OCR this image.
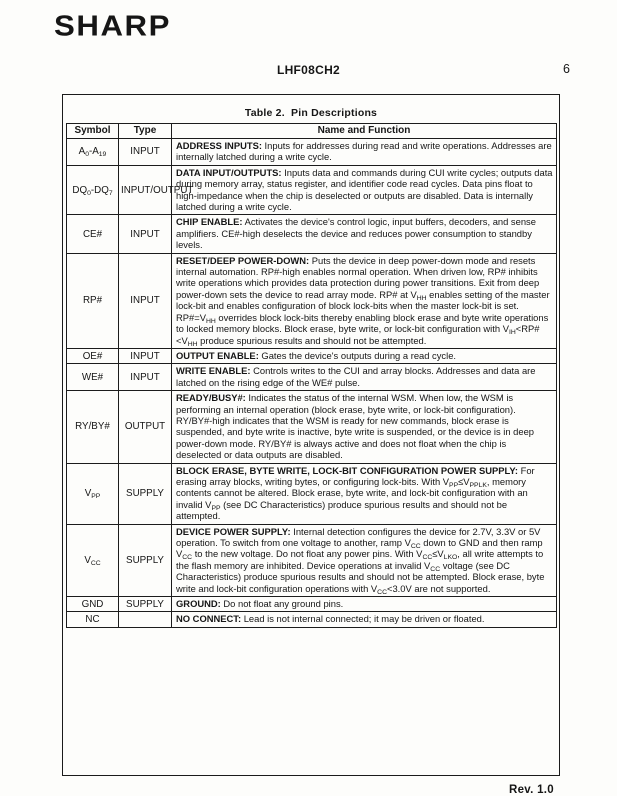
SHARP
LHF08CH2	6
Table 2.  Pin Descriptions
Symbol	Type	Name and Function
$A_0-A_{19}$	INPUT	ADDRESS INPUTS: Inputs for addresses during read and write operations. Addresses are internally latched during a write cycle.
$DQ_0-DQ_7$	INPUT/OUTPUT	DATA INPUT/OUTPUTS: Inputs data and commands during CUI write cycles; outputs data during memory array, status register, and identifier code read cycles. Data pins float to high-impedance when the chip is deselected or outputs are disabled. Data is internally latched during a write cycle.
CE#	INPUT	CHIP ENABLE: Activates the device's control logic, input buffers, decoders, and sense amplifiers. CE#-high deselects the device and reduces power consumption to standby levels.
RP#	INPUT	RESET/DEEP POWER-DOWN: Puts the device in deep power-down mode and resets internal automation. RP#-high enables normal operation. When driven low, RP# inhibits write operations which provides data protection during power transitions. Exit from deep power-down sets the device to read array mode. RP# at $V_{HH}$ enables setting of the master lock-bit and enables configuration of block lock-bits when the master lock-bit is set. $RP\#=V_{HH}$ overrides block lock-bits thereby enabling block erase and byte write operations to locked memory blocks. Block erase, byte write, or lock-bit configuration with $V_{IH}<RP\#<V_{HH}$ produce spurious results and should not be attempted.
OE#	INPUT	OUTPUT ENABLE: Gates the device's outputs during a read cycle.
WE#	INPUT	WRITE ENABLE: Controls writes to the CUI and array blocks. Addresses and data are latched on the rising edge of the WE# pulse.
RY/BY#	OUTPUT	READY/BUSY#: Indicates the status of the internal WSM. When low, the WSM is performing an internal operation (block erase, byte write, or lock-bit configuration). RY/BY#-high indicates that the WSM is ready for new commands, block erase is suspended, and byte write is inactive, byte write is suspended, or the device is in deep power-down mode. RY/BY# is always active and does not float when the chip is deselected or data outputs are disabled.
$V_{PP}$	SUPPLY	BLOCK ERASE, BYTE WRITE, LOCK-BIT CONFIGURATION POWER SUPPLY: For erasing array blocks, writing bytes, or configuring lock-bits. With $V_{PP}\le V_{PPLK}$, memory contents cannot be altered. Block erase, byte write, and lock-bit configuration with an invalid $V_{PP}$ (see DC Characteristics) produce spurious results and should not be attempted.
$V_{CC}$	SUPPLY	DEVICE POWER SUPPLY: Internal detection configures the device for 2.7V, 3.3V or 5V operation. To switch from one voltage to another, ramp $V_{CC}$ down to GND and then ramp $V_{CC}$ to the new voltage. Do not float any power pins. With $V_{CC}\le V_{LKO}$, all write attempts to the flash memory are inhibited. Device operations at invalid $V_{CC}$ voltage (see DC Characteristics) produce spurious results and should not be attempted. Block erase, byte write and lock-bit configuration operations with $V_{CC}<3.0V$ are not supported.
GND	SUPPLY	GROUND: Do not float any ground pins.
NC		NO CONNECT: Lead is not internal connected; it may be driven or floated.
Rev. 1.0
